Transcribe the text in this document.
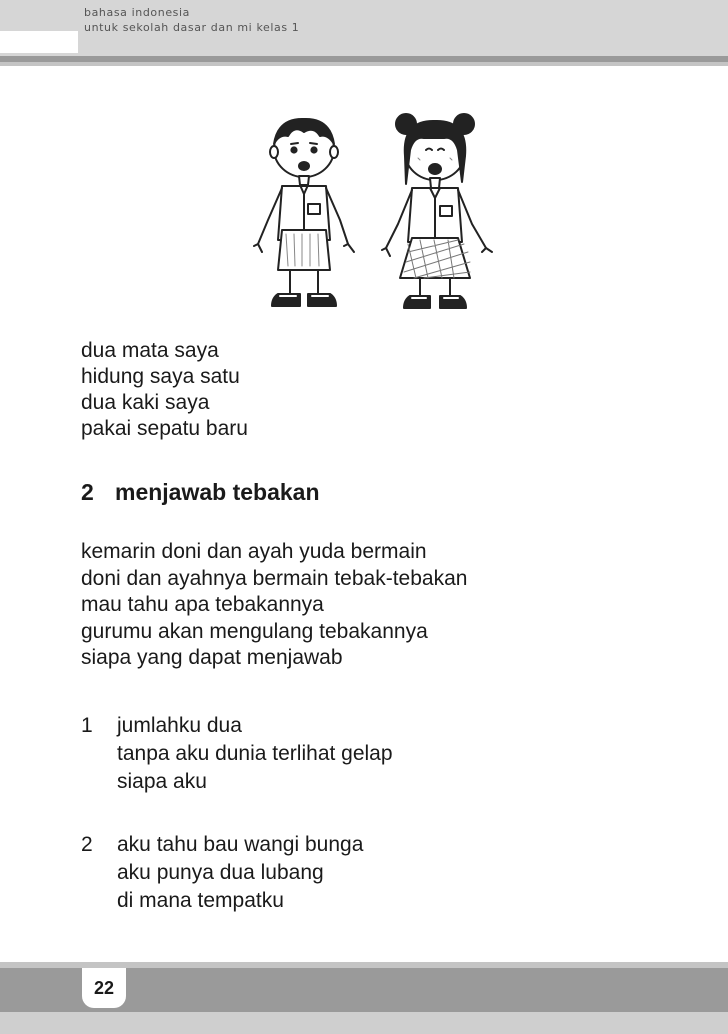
bahasa indonesia
untuk sekolah dasar dan mi kelas 1
dua mata saya
hidung saya satu
dua kaki saya
pakai sepatu baru
2 menjawab tebakan
kemarin doni dan ayah yuda bermain
doni dan ayahnya bermain tebak-tebakan
mau tahu apa tebakannya
gurumu akan mengulang tebakannya
siapa yang dapat menjawab
1 jumlahku dua
tanpa aku dunia terlihat gelap
siapa aku
2 aku tahu bau wangi bunga
aku punya dua lubang
di mana tempatku
22
